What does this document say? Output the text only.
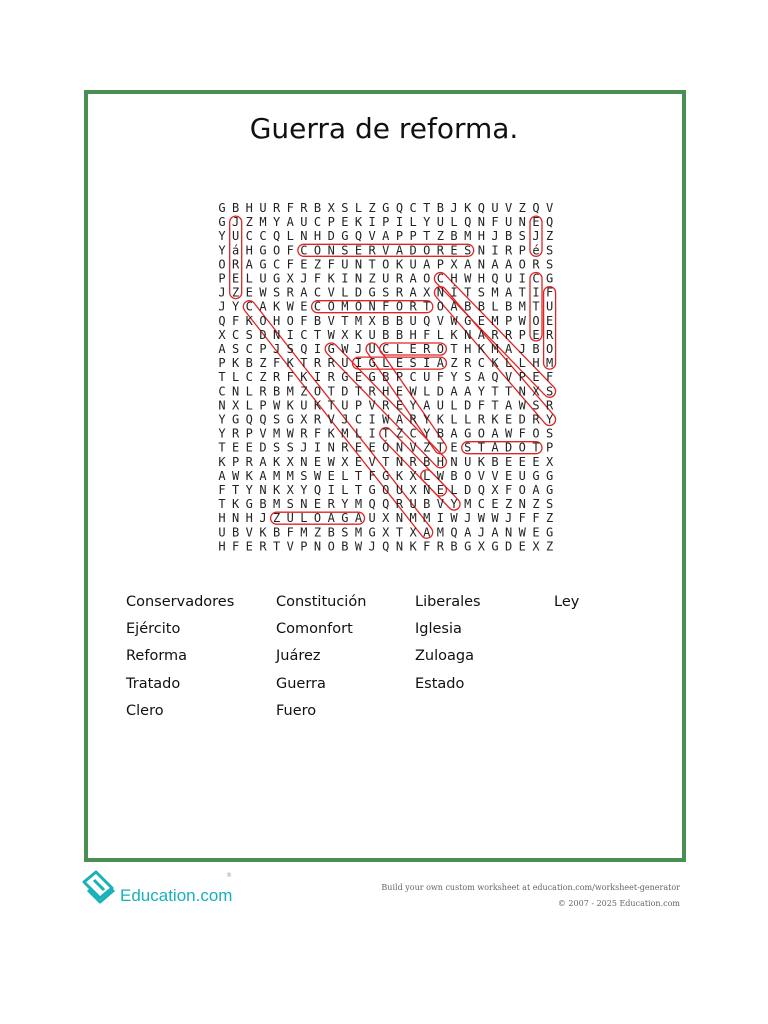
Guerra de reforma.
G B H U R F R B X S L Z G Q C T B J K Q U V Z Q V
G J Z M Y A U C P E K I P I L Y U L Q N F U N E Q
Y U C C Q L N H D G Q V A P P T Z B M H J B S J Z
Y á H G O F C O N S E R V A D O R E S N I R P é S
O R A G C F E Z F U N T O K U A P X A N A A O R S
P E L U G X J F K I N Z U R A O C H W H Q U I C G
J Z E W S R A C V L D G S R A X N Í T S M A T I F
J Y C A K W E C O M O N F O R T O A B B L B M T U
Q F K O H O F B V T M X B B U Q V W G E M P W O E
X C S D N I C T W X K U B B H F L K N A R R P E R
A S C P J S Q I G W J U C L E R O T H K M A J B O
P K B Z F K T R R U I G L E S I A Z R C K L L H M
T L C Z R F K I R G E G B P C U F Y S A Q V P E F
C N L R B M Z O T D T R H E W L D A A Y T T N X S
N X L P W K U K T U P V R E Y A U L D F T A W S R
Y G Q Q S G X R V J C I W A R Y K L L R K E D R Y
Y R P V M W R F K M L I T Z C Y B A G O A W F O S
T E E D S S J I N R E E Ó N V Z T E S T A D O T P
K P R A K X N E W X E V T N R B H N U K B E E E X
A W K A M M S W E L T F G K X L W B O V V E U G G
F T Y N K X Y Q I L T G O U X N E L D Q X F O A G
T K G B M S N E R Y M Q Q R U B V Y M C E Z N Z S
H N H J Z U L O A G A U X N M M I W J W W J F F Z
U B V K B F M Z B S M G X T X A M Q A J A N W E G
H F E R T V P N O B W J Q N K F R B G X G D E X Z
Conservadores
Ejército
Reforma
Tratado
Clero
Constitución
Comonfort
Juárez
Guerra
Fuero
Liberales
Iglesia
Zuloaga
Estado
Ley
Education.com
®
Build your own custom worksheet at education.com/worksheet-generator
© 2007 - 2025 Education.com
